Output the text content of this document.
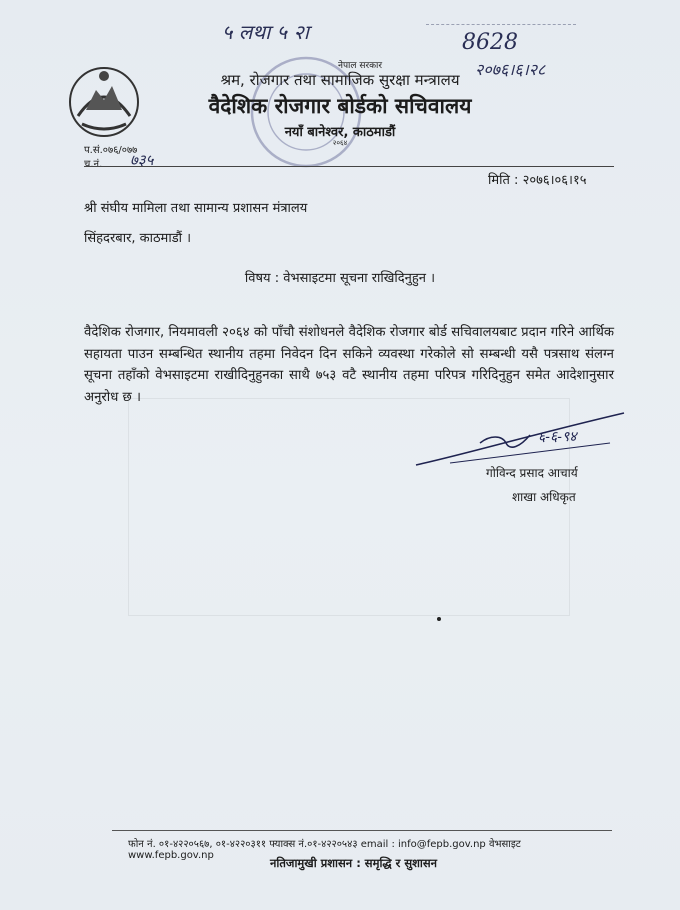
५ लथा ५ २ा	8628
२०७६।६।२८
नेपाल सरकार
श्रम, रोजगार तथा सामाजिक सुरक्षा मन्त्रालय
वैदेशिक रोजगार बोर्डको सचिवालय
नयाँ बानेश्वर, काठमाडौं
२०६४
प.सं.०७६/०७७
च.नं. ७३५
मिति : २०७६।०६।१५
श्री संघीय मामिला तथा सामान्य प्रशासन मंत्रालय
सिंहदरबार, काठमाडौं ।
विषय : वेभसाइटमा सूचना राखिदिनुहुन ।
वैदेशिक रोजगार, नियमावली २०६४ को पाँचौ संशोधनले वैदेशिक रोजगार बोर्ड सचिवालयबाट प्रदान गरिने आर्थिक सहायता पाउन सम्बन्धित स्थानीय तहमा निवेदन दिन सकिने व्यवस्था गरेकोले सो सम्बन्धी यसै पत्रसाथ संलग्न सूचना तहाँको वेभसाइटमा राखीदिनुहुनका साथै ७५३ वटै स्थानीय तहमा परिपत्र गरिदिनुहुन समेत आदेशानुसार अनुरोध छ ।
६-६-९४
गोविन्द प्रसाद आचार्य
शाखा अधिकृत
फोन नं. ०१-४२२०५६७, ०१-४२२०३११ फ्याक्स नं.०१-४२२०५४३ email : info@fepb.gov.np वेभसाइट www.fepb.gov.np
नतिजामुखी प्रशासन : समृद्धि र सुशासन
